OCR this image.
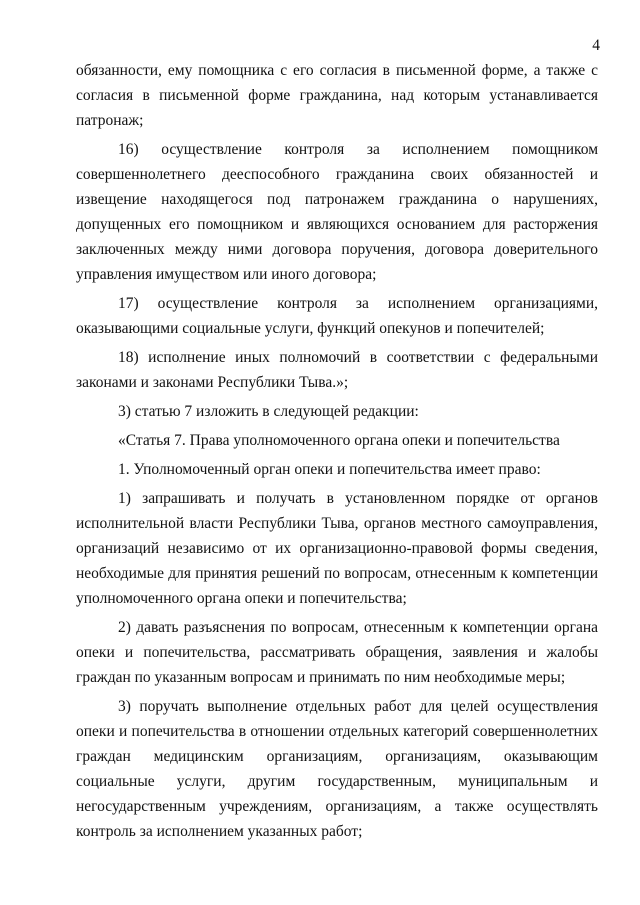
4

обязанности, ему помощника с его согласия в письменной форме, а также с согласия в письменной форме гражданина, над которым устанавливается патронаж;

16) осуществление контроля за исполнением помощником совершеннолетнего дееспособного гражданина своих обязанностей и извещение находящегося под патронажем гражданина о нарушениях, допущенных его помощником и являющихся основанием для расторжения заключенных между ними договора поручения, договора доверительного управления имуществом или иного договора;

17) осуществление контроля за исполнением организациями, оказывающими социальные услуги, функций опекунов и попечителей;

18) исполнение иных полномочий в соответствии с федеральными законами и законами Республики Тыва.»;

3) статью 7 изложить в следующей редакции:

«Статья 7. Права уполномоченного органа опеки и попечительства

1. Уполномоченный орган опеки и попечительства имеет право:

1) запрашивать и получать в установленном порядке от органов исполнительной власти Республики Тыва, органов местного самоуправления, организаций независимо от их организационно-правовой формы сведения, необходимые для принятия решений по вопросам, отнесенным к компетенции уполномоченного органа опеки и попечительства;

2) давать разъяснения по вопросам, отнесенным к компетенции органа опеки и попечительства, рассматривать обращения, заявления и жалобы граждан по указанным вопросам и принимать по ним необходимые меры;

3) поручать выполнение отдельных работ для целей осуществления опеки и попечительства в отношении отдельных категорий совершеннолетних граждан медицинским организациям, организациям, оказывающим социальные услуги, другим государственным, муниципальным и негосударственным учреждениям, организациям, а также осуществлять контроль за исполнением указанных работ;
